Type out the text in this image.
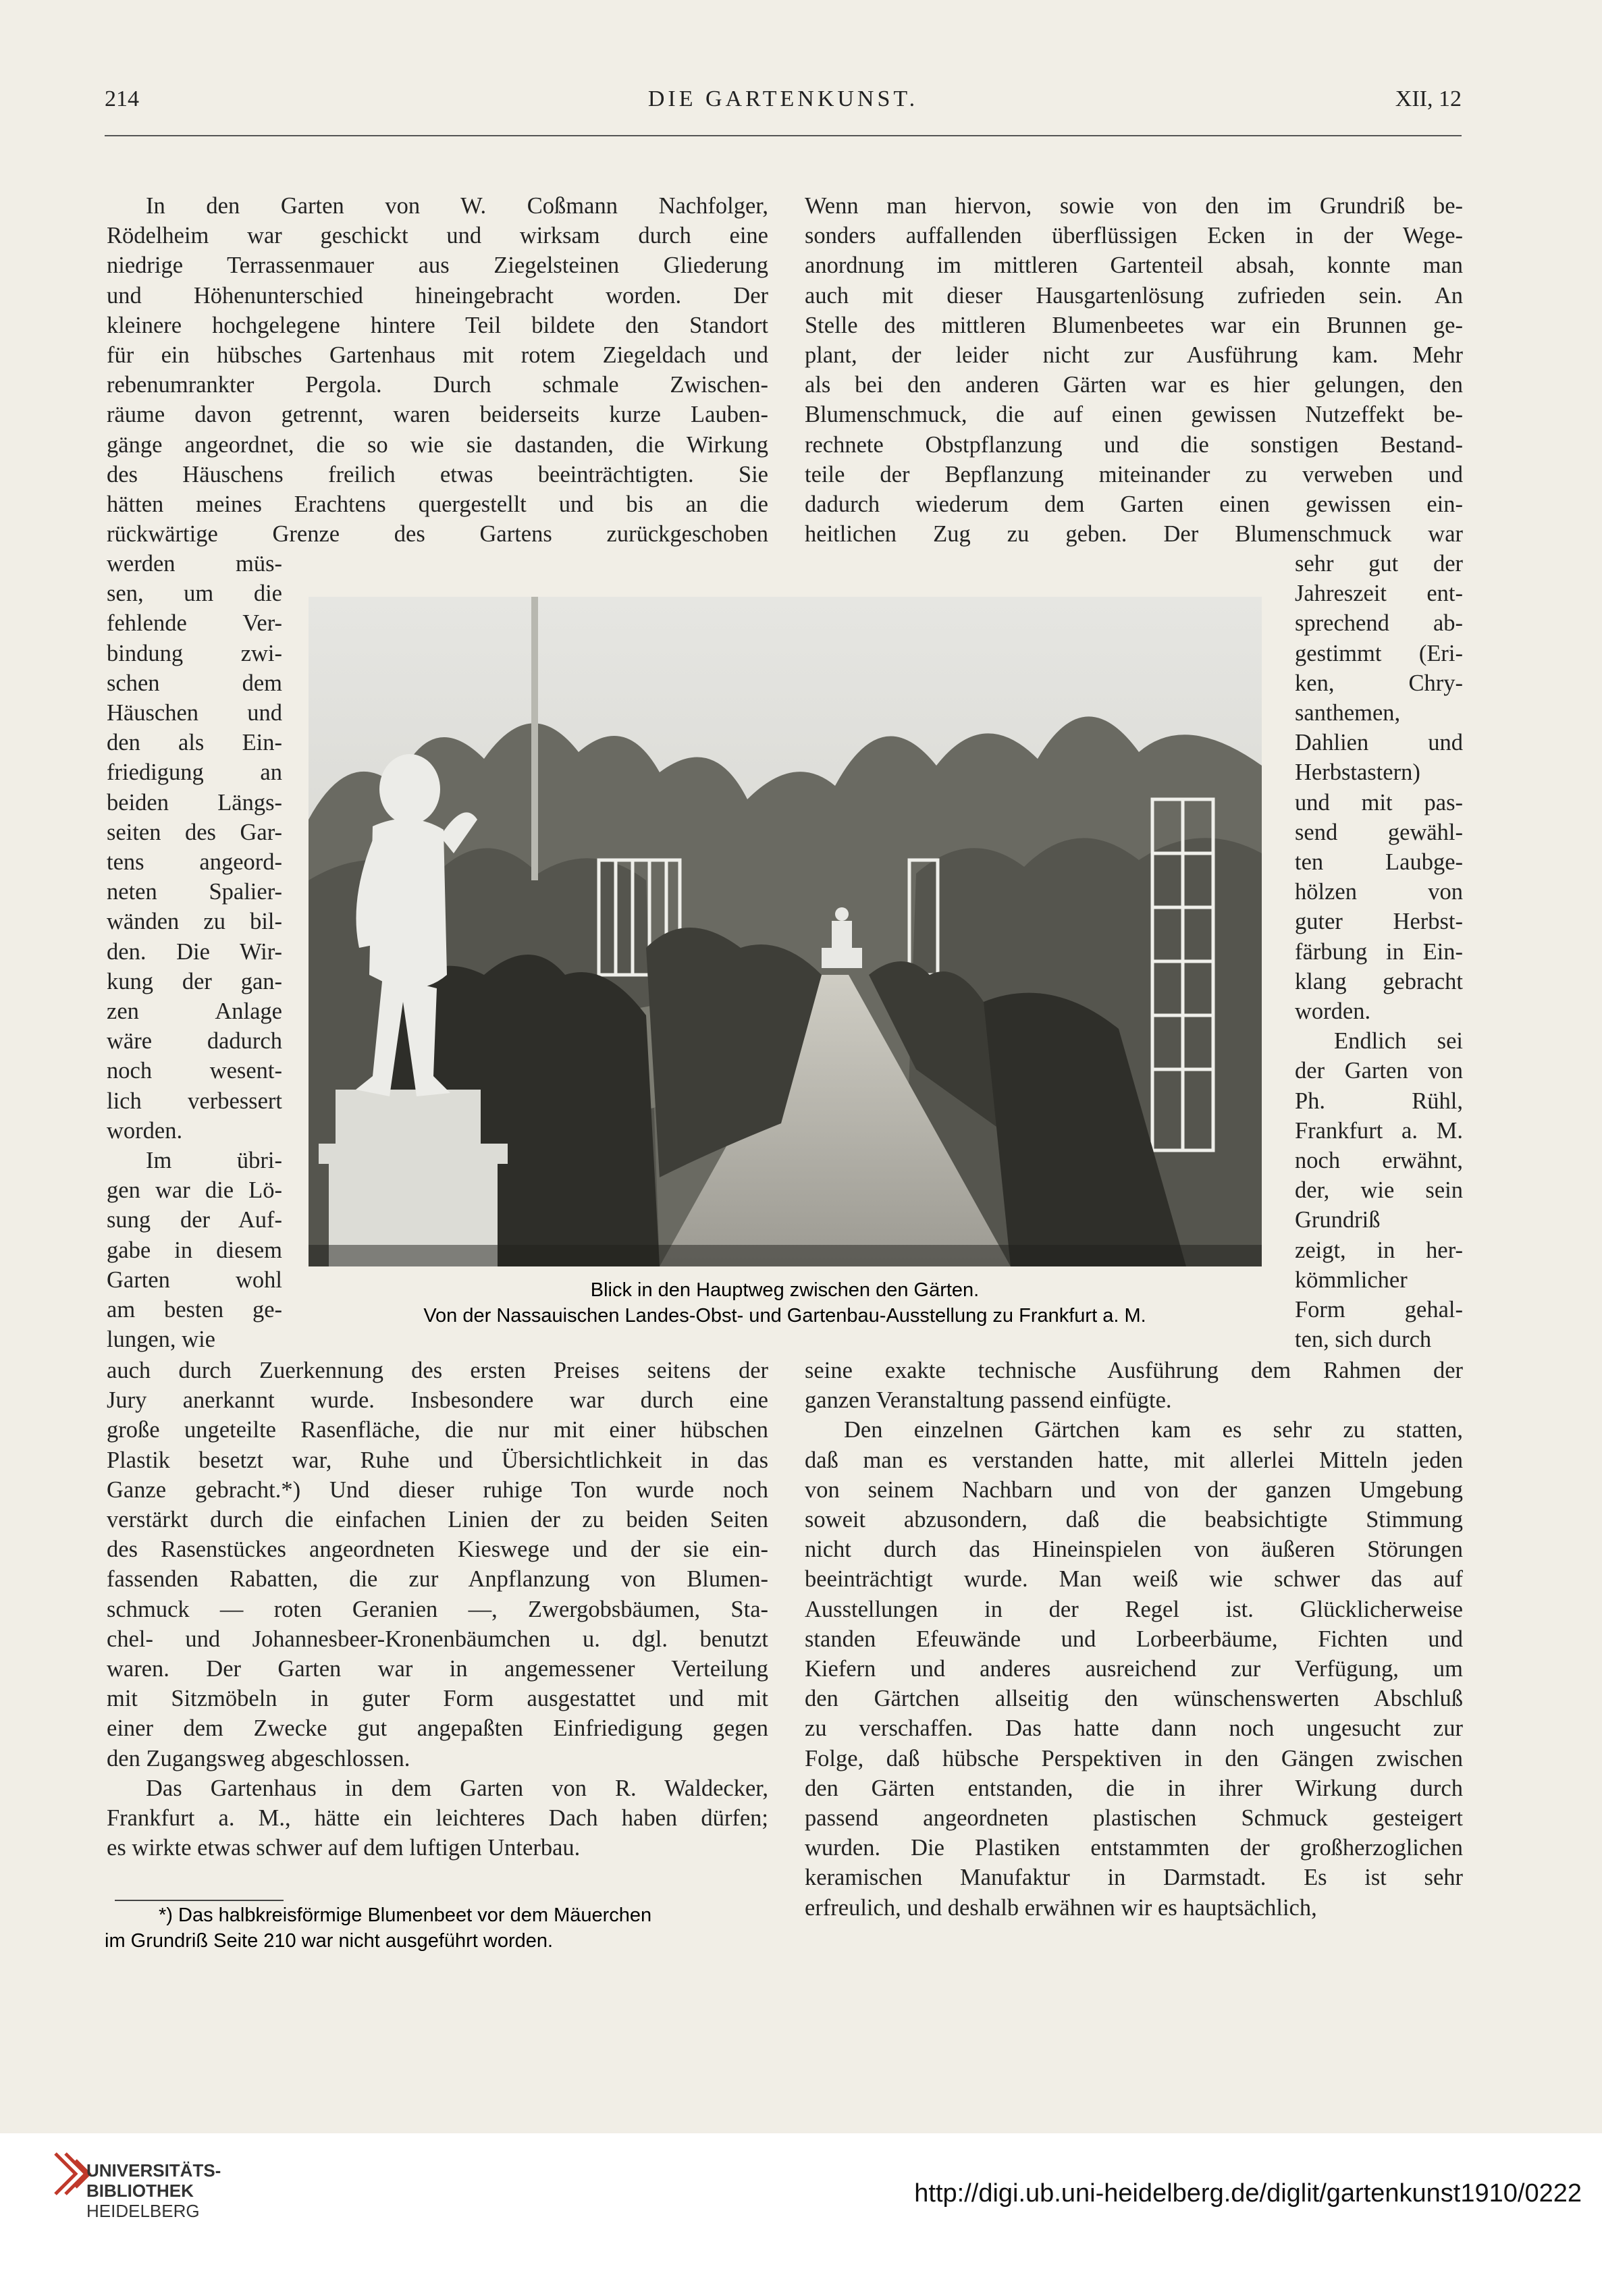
214	DIE GARTENKUNST.	XII, 12
In den Garten von W. Coßmann Nachfolger,
Rödelheim war geschickt und wirksam durch eine
niedrige Terrassenmauer aus Ziegelsteinen Gliederung
und Höhenunterschied hineingebracht worden. Der
kleinere hochgelegene hintere Teil bildete den Standort
für ein hübsches Gartenhaus mit rotem Ziegeldach und
rebenumrankter Pergola. Durch schmale Zwischen-
räume davon getrennt, waren beiderseits kurze Lauben-
gänge angeordnet, die so wie sie dastanden, die Wirkung
des Häuschens freilich etwas beeinträchtigten. Sie
hätten meines Erachtens quergestellt und bis an die
rückwärtige Grenze des Gartens zurückgeschoben
werden müs-
sen, um die
fehlende Ver-
bindung zwi-
schen dem
Häuschen und
den als Ein-
friedigung an
beiden Längs-
seiten des Gar-
tens angeord-
neten Spalier-
wänden zu bil-
den. Die Wir-
kung der gan-
zen Anlage
wäre dadurch
noch wesent-
lich verbessert
worden.
Im übri-
gen war die Lö-
sung der Auf-
gabe in diesem
Garten wohl
am besten ge-
lungen, wie
auch durch Zuerkennung des ersten Preises seitens der
Jury anerkannt wurde. Insbesondere war durch eine
große ungeteilte Rasenfläche, die nur mit einer hübschen
Plastik besetzt war, Ruhe und Übersichtlichkeit in das
Ganze gebracht.*) Und dieser ruhige Ton wurde noch
verstärkt durch die einfachen Linien der zu beiden Seiten
des Rasenstückes angeordneten Kieswege und der sie ein-
fassenden Rabatten, die zur Anpflanzung von Blumen-
schmuck — roten Geranien —, Zwergobsbäumen, Sta-
chel- und Johannesbeer-Kronenbäumchen u. dgl. benutzt
waren. Der Garten war in angemessener Verteilung
mit Sitzmöbeln in guter Form ausgestattet und mit
einer dem Zwecke gut angepaßten Einfriedigung gegen
den Zugangsweg abgeschlossen.
Das Gartenhaus in dem Garten von R. Waldecker,
Frankfurt a. M., hätte ein leichteres Dach haben dürfen;
es wirkte etwas schwer auf dem luftigen Unterbau.
Wenn man hiervon, sowie von den im Grundriß be-
sonders auffallenden überflüssigen Ecken in der Wege-
anordnung im mittleren Gartenteil absah, konnte man
auch mit dieser Hausgartenlösung zufrieden sein. An
Stelle des mittleren Blumenbeetes war ein Brunnen ge-
plant, der leider nicht zur Ausführung kam. Mehr
als bei den anderen Gärten war es hier gelungen, den
Blumenschmuck, die auf einen gewissen Nutzeffekt be-
rechnete Obstpflanzung und die sonstigen Bestand-
teile der Bepflanzung miteinander zu verweben und
dadurch wiederum dem Garten einen gewissen ein-
heitlichen Zug zu geben. Der Blumenschmuck war
sehr gut der
Jahreszeit ent-
sprechend ab-
gestimmt (Eri-
ken, Chry-
santhemen,
Dahlien und
Herbstastern)
und mit pas-
send gewähl-
ten Laubge-
hölzen von
guter Herbst-
färbung in Ein-
klang gebracht
worden.
Endlich sei
der Garten von
Ph. Rühl,
Frankfurt a. M.
noch erwähnt,
der, wie sein
Grundriß
zeigt, in her-
kömmlicher
Form gehal-
ten, sich durch
seine exakte technische Ausführung dem Rahmen der
ganzen Veranstaltung passend einfügte.
Den einzelnen Gärtchen kam es sehr zu statten,
daß man es verstanden hatte, mit allerlei Mitteln jeden
von seinem Nachbarn und von der ganzen Umgebung
soweit abzusondern, daß die beabsichtigte Stimmung
nicht durch das Hineinspielen von äußeren Störungen
beeinträchtigt wurde. Man weiß wie schwer das auf
Ausstellungen in der Regel ist. Glücklicherweise
standen Efeuwände und Lorbeerbäume, Fichten und
Kiefern und anderes ausreichend zur Verfügung, um
den Gärtchen allseitig den wünschenswerten Abschluß
zu verschaffen. Das hatte dann noch ungesucht zur
Folge, daß hübsche Perspektiven in den Gängen zwischen
den Gärten entstanden, die in ihrer Wirkung durch
passend angeordneten plastischen Schmuck gesteigert
wurden. Die Plastiken entstammten der großherzoglichen
keramischen Manufaktur in Darmstadt. Es ist sehr
erfreulich, und deshalb erwähnen wir es hauptsächlich,
Blick in den Hauptweg zwischen den Gärten.
Von der Nassauischen Landes-Obst- und Gartenbau-Ausstellung zu Frankfurt a. M.
*) Das halbkreisförmige Blumenbeet vor dem Mäuerchen
im Grundriß Seite 210 war nicht ausgeführt worden.
UNIVERSITÄTS-
BIBLIOTHEK
HEIDELBERG
http://digi.ub.uni-heidelberg.de/diglit/gartenkunst1910/0222
